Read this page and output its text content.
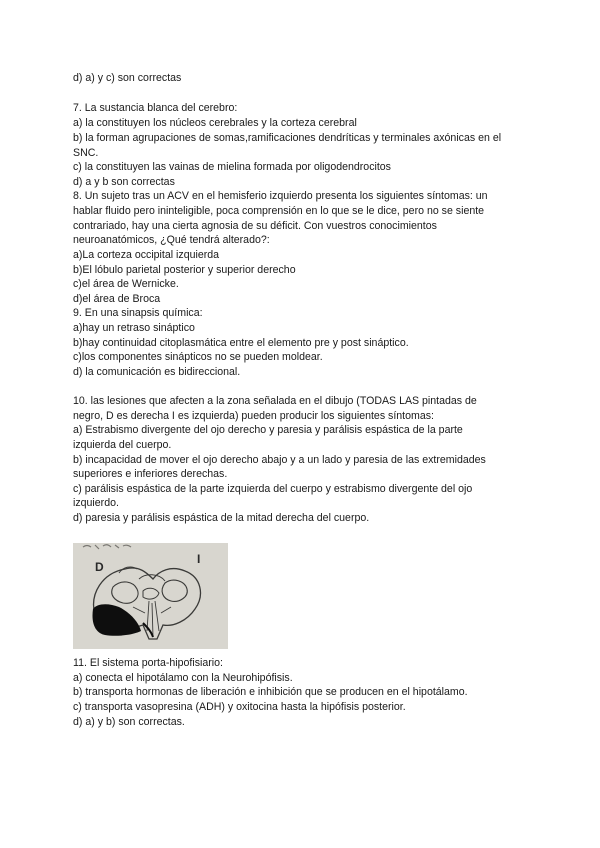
d) a) y c) son correctas
7. La sustancia blanca del cerebro:
a) la constituyen los núcleos cerebrales y la corteza cerebral
b) la forman agrupaciones de somas,ramificaciones dendríticas y terminales axónicas en el
SNC.
c) la constituyen las vainas de mielina formada por oligodendrocitos
d) a y b son correctas
8. Un sujeto tras un ACV en el hemisferio izquierdo presenta los siguientes síntomas: un
hablar fluido pero ininteligible, poca comprensión en lo que se le dice, pero no se siente
contrariado, hay una cierta agnosia de su déficit. Con vuestros conocimientos
neuroanatómicos, ¿Qué tendrá alterado?:
a)La corteza occipital izquierda
b)El lóbulo parietal posterior y superior derecho
c)el área de Wernicke.
d)el área de Broca
9. En una sinapsis química:
a)hay un retraso sináptico
b)hay continuidad citoplasmática entre el elemento pre y post sináptico.
c)los componentes sinápticos no se pueden moldear.
d) la comunicación es bidireccional.
10. las lesiones que afecten a la zona señalada en el dibujo (TODAS LAS pintadas de
negro, D es derecha I es izquierda) pueden producir los siguientes síntomas:
a) Estrabismo divergente del ojo derecho y paresia y parálisis espástica de la parte
izquierda del cuerpo.
b) incapacidad de mover el ojo derecho abajo y a un lado y paresia de las extremidades
superiores e inferiores derechas.
c) parálisis espástica de la parte izquierda del cuerpo y estrabismo divergente del ojo
izquierdo.
d) paresia y parálisis espástica de la mitad derecha del cuerpo.
D
I
11. El sistema porta-hipofisiario:
a) conecta el hipotálamo con la Neurohipófisis.
b) transporta hormonas de liberación e inhibición que se producen en el hipotálamo.
c) transporta vasopresina (ADH) y oxitocina hasta la hipófisis posterior.
d) a) y b) son correctas.
